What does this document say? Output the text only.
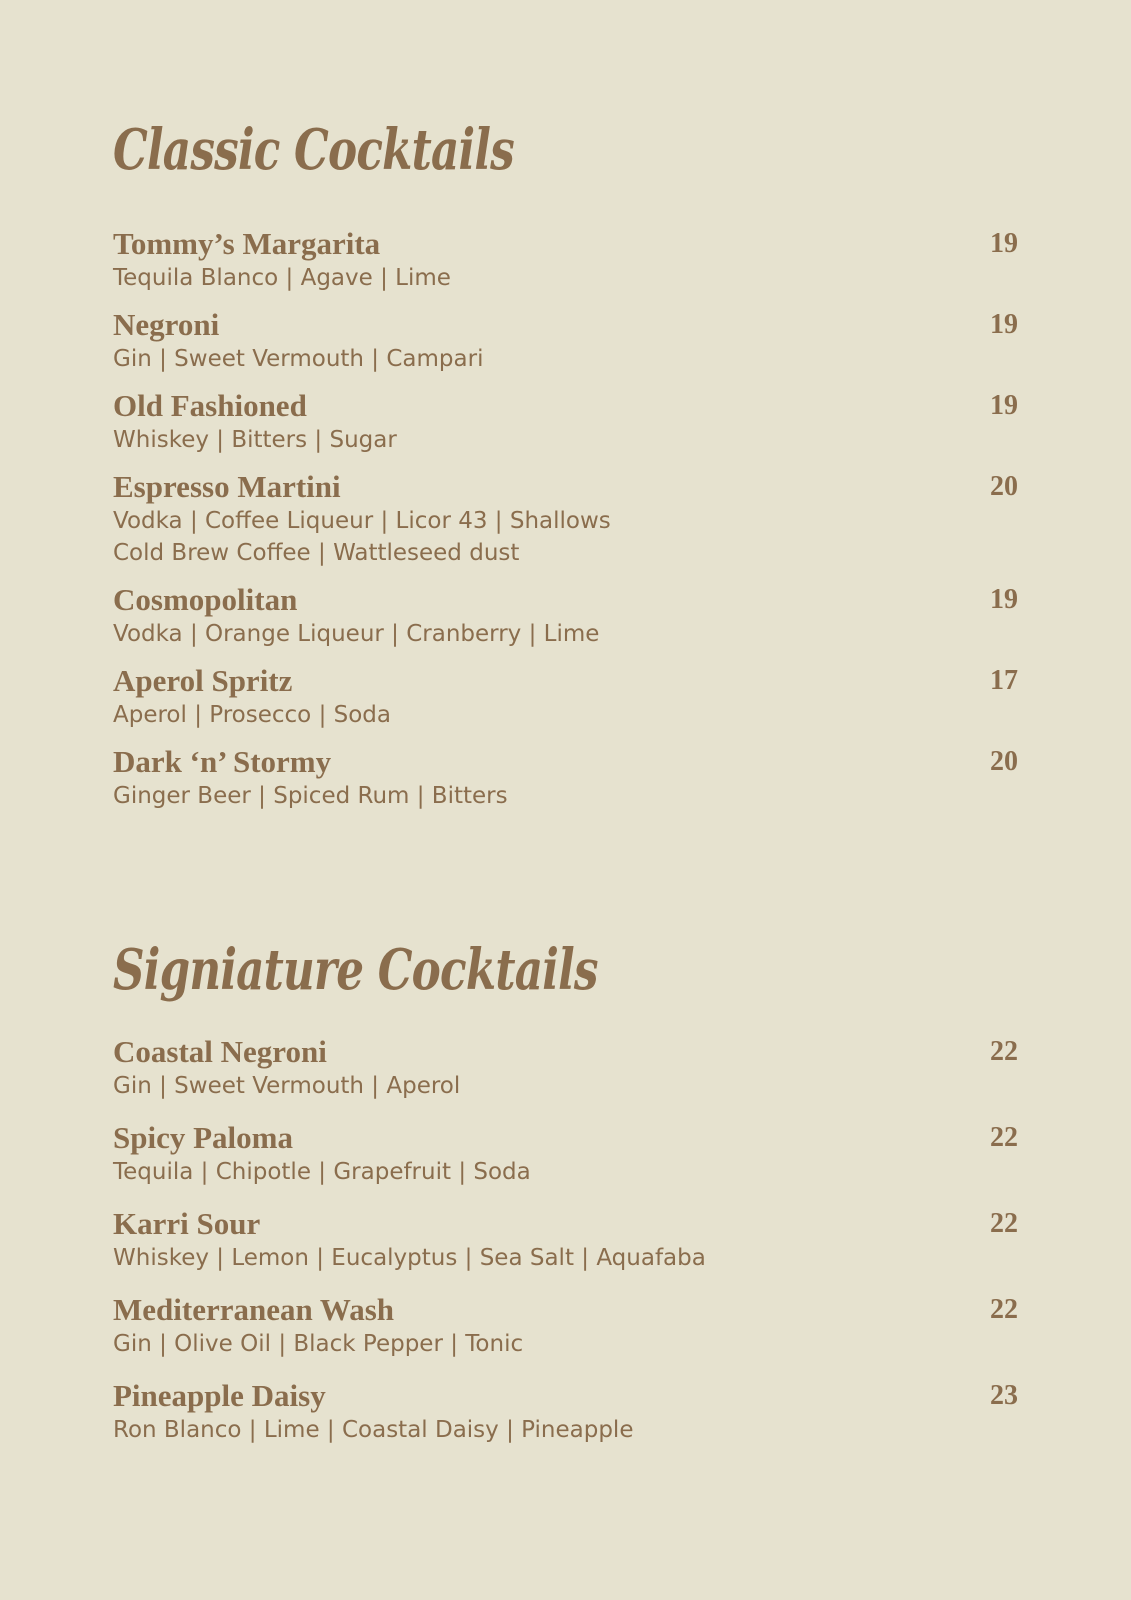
Classic Cocktails
Tommy’s Margarita	19
Tequila Blanco | Agave | Lime
Negroni	19
Gin | Sweet Vermouth | Campari
Old Fashioned	19
Whiskey | Bitters | Sugar
Espresso Martini	20
Vodka | Coffee Liqueur | Licor 43 | Shallows
Cold Brew Coffee | Wattleseed dust
Cosmopolitan	19
Vodka | Orange Liqueur | Cranberry | Lime
Aperol Spritz	17
Aperol | Prosecco | Soda
Dark ‘n’ Stormy	20
Ginger Beer | Spiced Rum | Bitters
Signiature Cocktails
Coastal Negroni	22
Gin | Sweet Vermouth | Aperol
Spicy Paloma	22
Tequila | Chipotle | Grapefruit | Soda
Karri Sour	22
Whiskey | Lemon | Eucalyptus | Sea Salt | Aquafaba
Mediterranean Wash	22
Gin | Olive Oil | Black Pepper | Tonic
Pineapple Daisy	23
Ron Blanco | Lime | Coastal Daisy | Pineapple
